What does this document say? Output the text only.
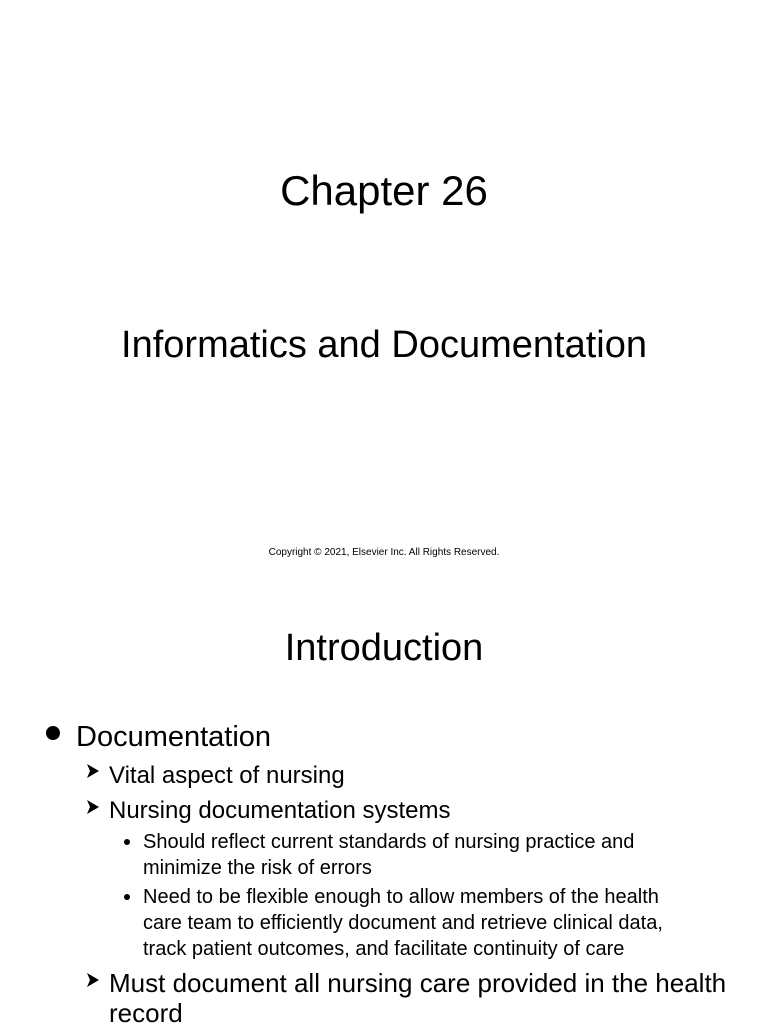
Chapter 26
Informatics and Documentation
Copyright © 2021, Elsevier Inc. All Rights Reserved.
Introduction
Documentation
Vital aspect of nursing
Nursing documentation systems
Should reflect current standards of nursing practice and
minimize the risk of errors
Need to be flexible enough to allow members of the health
care team to efficiently document and retrieve clinical data,
track patient outcomes, and facilitate continuity of care
Must document all nursing care provided in the health
record
